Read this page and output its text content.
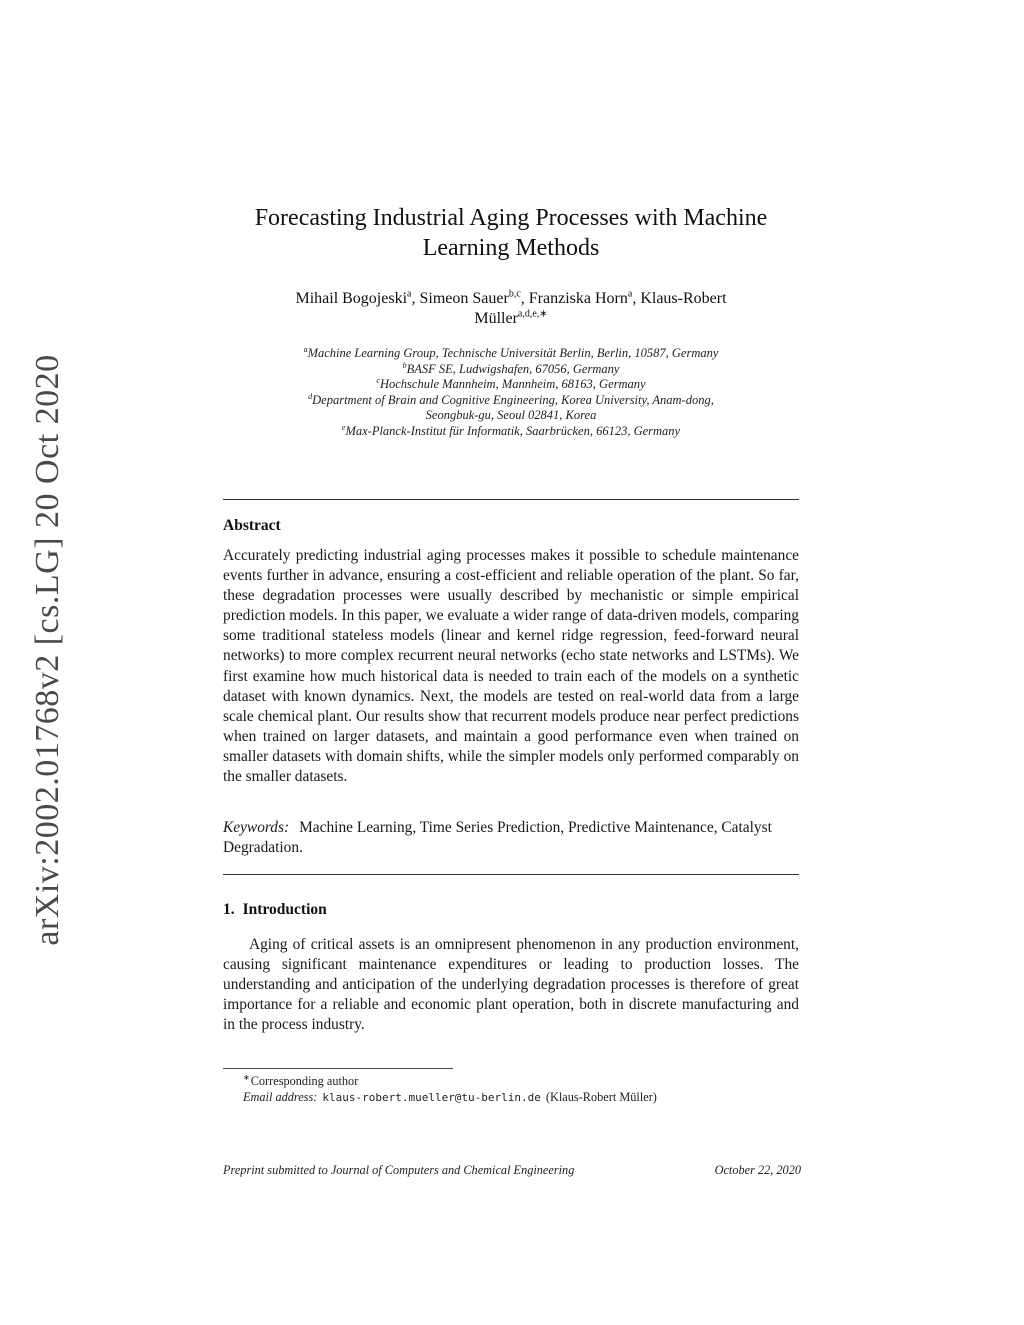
arXiv:2002.01768v2 [cs.LG] 20 Oct 2020
Forecasting Industrial Aging Processes with Machine
Learning Methods
Mihail Bogojeski$^a$, Simeon Sauer$^{b,c}$, Franziska Horn$^a$, Klaus-Robert
Müller$^{a,d,e,∗}$
$^a$Machine Learning Group, Technische Universität Berlin, Berlin, 10587, Germany
$^b$BASF SE, Ludwigshafen, 67056, Germany
$^c$Hochschule Mannheim, Mannheim, 68163, Germany
$^d$Department of Brain and Cognitive Engineering, Korea University, Anam-dong,
Seongbuk-gu, Seoul 02841, Korea
$^e$Max-Planck-Institut für Informatik, Saarbrücken, 66123, Germany
Abstract
Accurately predicting industrial aging processes makes it possible to schedule maintenance events further in advance, ensuring a cost-efficient and reliable operation of the plant. So far, these degradation processes were usually described by mechanistic or simple empirical prediction models. In this paper, we evaluate a wider range of data-driven models, comparing some traditional stateless models (linear and kernel ridge regression, feed-forward neural networks) to more complex recurrent neural networks (echo state networks and LSTMs). We first examine how much historical data is needed to train each of the models on a synthetic dataset with known dynamics. Next, the models are tested on real-world data from a large scale chemical plant. Our results show that recurrent models produce near perfect predictions when trained on larger datasets, and maintain a good performance even when trained on smaller datasets with domain shifts, while the simpler models only performed comparably on the smaller datasets.
Keywords: Machine Learning, Time Series Prediction, Predictive Maintenance, Catalyst Degradation.
1. Introduction
Aging of critical assets is an omnipresent phenomenon in any production environment, causing significant maintenance expenditures or leading to production losses. The understanding and anticipation of the underlying degradation processes is therefore of great importance for a reliable and economic plant operation, both in discrete manufacturing and in the process industry.
∗Corresponding author
Email address: klaus-robert.mueller@tu-berlin.de (Klaus-Robert Müller)
Preprint submitted to Journal of Computers and Chemical Engineering	October 22, 2020
